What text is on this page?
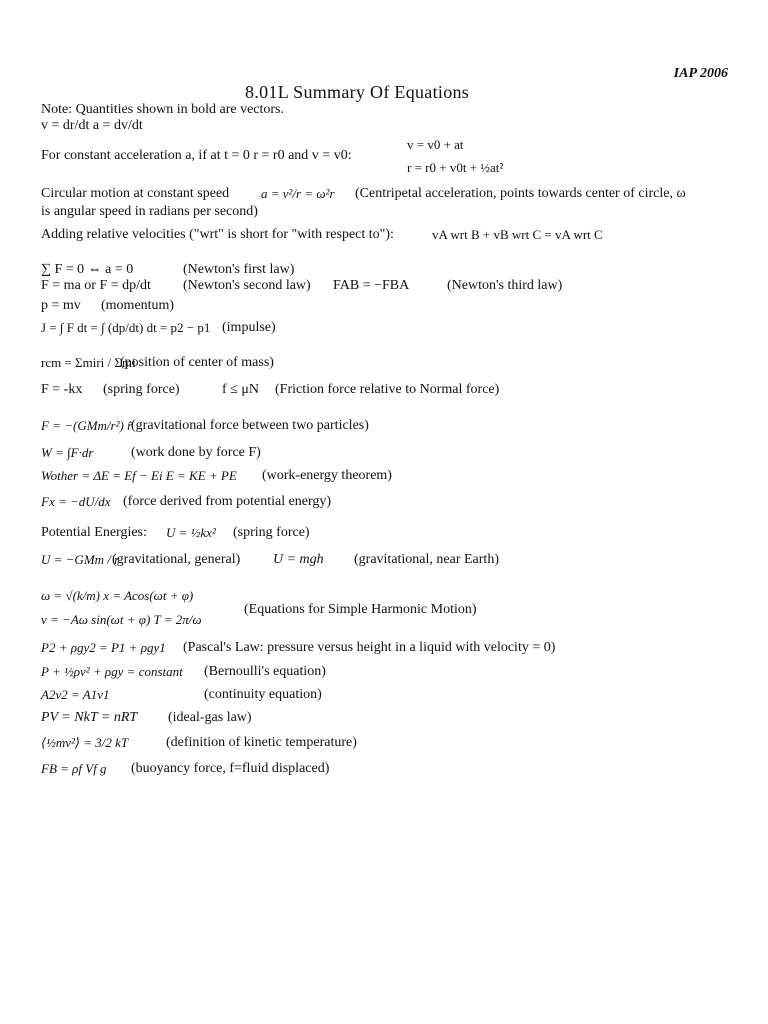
IAP 2006
8.01L Summary Of Equations
Note: Quantities shown in bold are vectors.
v = dr/dt a = dv/dt
For constant acceleration a, if at t = 0 r = r0 and v = v0:
v = v0 + at
r = r0 + v0t + ½at²
Circular motion at constant speed a = v²/r = ω²r (Centripetal acceleration, points towards center of circle, ω
is angular speed in radians per second)
Adding relative velocities ("wrt" is short for "with respect to"):	vA wrt B + vB wrt C = vA wrt C
∑ F = 0 ⇔ a = 0	(Newton's first law)
F = ma or F = dp/dt (Newton's second law) FAB = −FBA	(Newton's third law)
p = mv (momentum)
J = ∫ F dt = ∫ (dp/dt) dt = p2 − p1 (impulse)
rcm = Σmiri / Σmi
(position of center of mass)
F = -kx (spring force)	f ≤ μN (Friction force relative to Normal force)
F = −(GMm/r²) r̂
(gravitational force between two particles)
W = ∫F·dr	(work done by force F)
Wother = ΔE = Ef − Ei E = KE + PE (work-energy theorem)
Fx = −dU/dx (force derived from potential energy)
Potential Energies: U = ½kx² (spring force)
U = −GMm / r
(gravitational, general) U = mgh (gravitational, near Earth)
ω = √(k/m) x = Acos(ωt + φ)
v = −Aω sin(ωt + φ) T = 2π/ω
(Equations for Simple Harmonic Motion)
P2 + ρgy2 = P1 + ρgy1 (Pascal's Law: pressure versus height in a liquid with velocity = 0)
P + ½ρv² + ρgy = constant (Bernoulli's equation)
A2v2 = A1v1	(continuity equation)
PV = NkT = nRT (ideal-gas law)
⟨½mv²⟩ = 3/2 kT	(definition of kinetic temperature)
FB = ρf Vf g (buoyancy force, f=fluid displaced)
